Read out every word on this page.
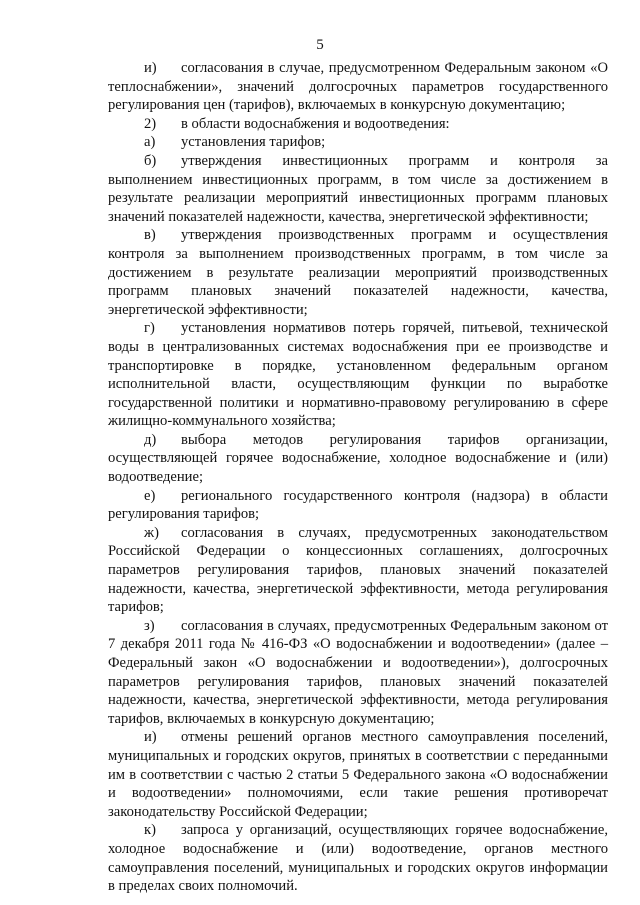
5

и) согласования в случае, предусмотренном Федеральным законом «О теплоснабжении», значений долгосрочных параметров государственного регулирования цен (тарифов), включаемых в конкурсную документацию;

2) в области водоснабжения и водоотведения:

а) установления тарифов;

б) утверждения инвестиционных программ и контроля за выполнением инвестиционных программ, в том числе за достижением в результате реализации мероприятий инвестиционных программ плановых значений показателей надежности, качества, энергетической эффективности;

в) утверждения производственных программ и осуществления контроля за выполнением производственных программ, в том числе за достижением в результате реализации мероприятий производственных программ плановых значений показателей надежности, качества, энергетической эффективности;

г) установления нормативов потерь горячей, питьевой, технической воды в централизованных системах водоснабжения при ее производстве и транспортировке в порядке, установленном федеральным органом исполнительной власти, осуществляющим функции по выработке государственной политики и нормативно-правовому регулированию в сфере жилищно-коммунального хозяйства;

д) выбора методов регулирования тарифов организации, осуществляющей горячее водоснабжение, холодное водоснабжение и (или) водоотведение;

е) регионального государственного контроля (надзора) в области регулирования тарифов;

ж) согласования в случаях, предусмотренных законодательством Российской Федерации о концессионных соглашениях, долгосрочных параметров регулирования тарифов, плановых значений показателей надежности, качества, энергетической эффективности, метода регулирования тарифов;

з) согласования в случаях, предусмотренных Федеральным законом от 7 декабря 2011 года № 416-ФЗ «О водоснабжении и водоотведении» (далее – Федеральный закон «О водоснабжении и водоотведении»), долгосрочных параметров регулирования тарифов, плановых значений показателей надежности, качества, энергетической эффективности, метода регулирования тарифов, включаемых в конкурсную документацию;

и) отмены решений органов местного самоуправления поселений, муниципальных и городских округов, принятых в соответствии с переданными им в соответствии с частью 2 статьи 5 Федерального закона «О водоснабжении и водоотведении» полномочиями, если такие решения противоречат законодательству Российской Федерации;

к) запроса у организаций, осуществляющих горячее водоснабжение, холодное водоснабжение и (или) водоотведение, органов местного самоуправления поселений, муниципальных и городских округов информации в пределах своих полномочий.
